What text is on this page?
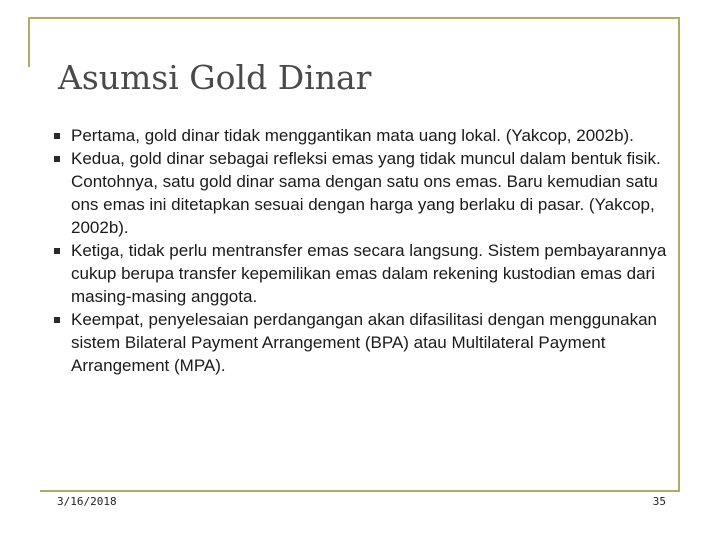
Asumsi Gold Dinar
Pertama, gold dinar tidak menggantikan mata uang lokal. (Yakcop, 2002b).
Kedua, gold dinar sebagai refleksi emas yang tidak muncul dalam bentuk fisik. Contohnya, satu gold dinar sama dengan satu ons emas. Baru kemudian satu ons emas ini ditetapkan sesuai dengan harga yang berlaku di pasar. (Yakcop, 2002b).
Ketiga, tidak perlu mentransfer emas secara langsung. Sistem pembayarannya cukup berupa transfer kepemilikan emas dalam rekening kustodian emas dari masing-masing anggota.
Keempat, penyelesaian perdangangan akan difasilitasi dengan menggunakan sistem Bilateral Payment Arrangement (BPA) atau Multilateral Payment Arrangement (MPA).
3/16/2018	35
